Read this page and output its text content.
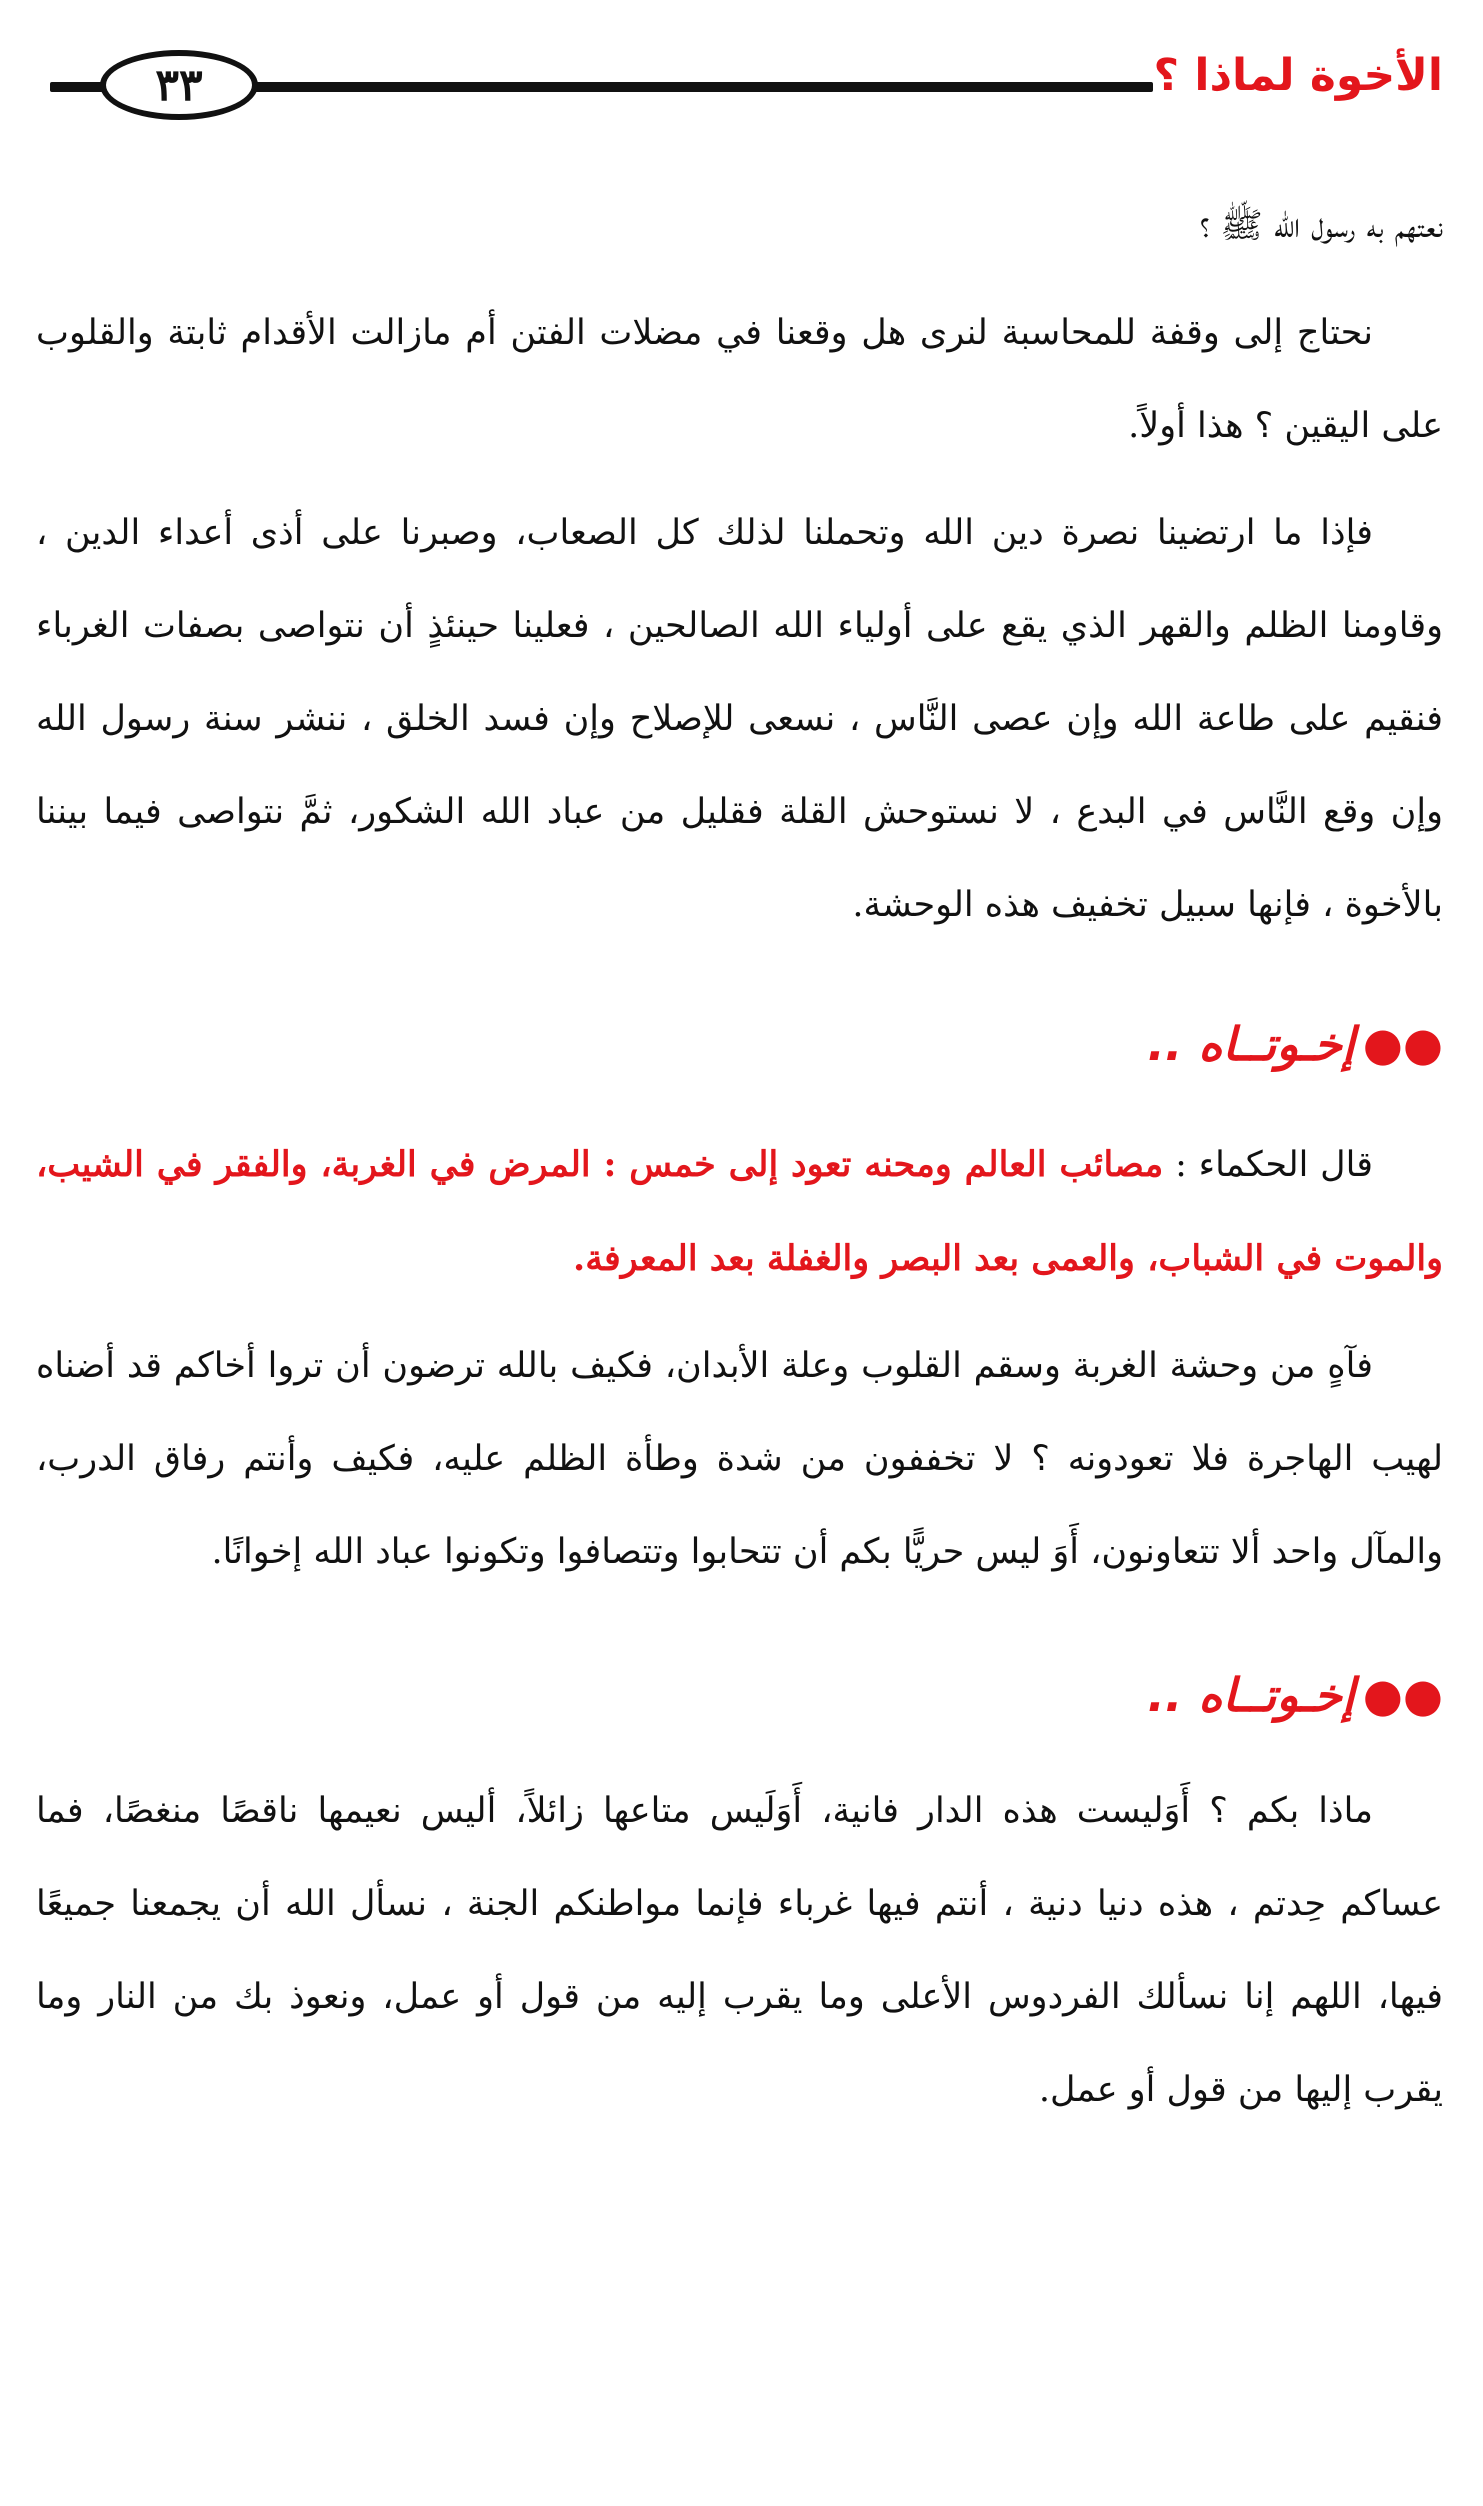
٣٣	الأخوة لماذا ؟

نعتهم به رسول الله ﷺ ؟

نحتاج إلى وقفة للمحاسبة لنرى هل وقعنا في مضلات الفتن أم مازالت الأقدام ثابتة والقلوب على اليقين ؟ هذا أولاً.

فإذا ما ارتضينا نصرة دين الله وتحملنا لذلك كل الصعاب، وصبرنا على أذى أعداء الدين ، وقاومنا الظلم والقهر الذي يقع على أولياء الله الصالحين ، فعلينا حينئذٍ أن نتواصى بصفات الغرباء فنقيم على طاعة الله وإن عصى النَّاس ، نسعى للإصلاح وإن فسد الخلق ، ننشر سنة رسول الله وإن وقع النَّاس في البدع ، لا نستوحش القلة فقليل من عباد الله الشكور، ثمَّ نتواصى فيما بيننا بالأخوة ، فإنها سبيل تخفيف هذه الوحشة.

●●إخـوتــاه ..

قال الحكماء : مصائب العالم ومحنه تعود إلى خمس : المرض في الغربة، والفقر في الشيب، والموت في الشباب، والعمى بعد البصر والغفلة بعد المعرفة.

فآهٍ من وحشة الغربة وسقم القلوب وعلة الأبدان، فكيف بالله ترضون أن تروا أخاكم قد أضناه لهيب الهاجرة فلا تعودونه ؟ لا تخففون من شدة وطأة الظلم عليه، فكيف وأنتم رفاق الدرب، والمآل واحد ألا تتعاونون، أَوَ ليس حريًّا بكم أن تتحابوا وتتصافوا وتكونوا عباد الله إخوانًا.

●●إخـوتــاه ..

ماذا بكم ؟ أَوَليست هذه الدار فانية، أَوَلَيس متاعها زائلاً، أليس نعيمها ناقصًا منغصًا، فما عساكم حِدتم ، هذه دنيا دنية ، أنتم فيها غرباء فإنما مواطنكم الجنة ، نسأل الله أن يجمعنا جميعًا فيها، اللهم إنا نسألك الفردوس الأعلى وما يقرب إليه من قول أو عمل، ونعوذ بك من النار وما يقرب إليها من قول أو عمل.
